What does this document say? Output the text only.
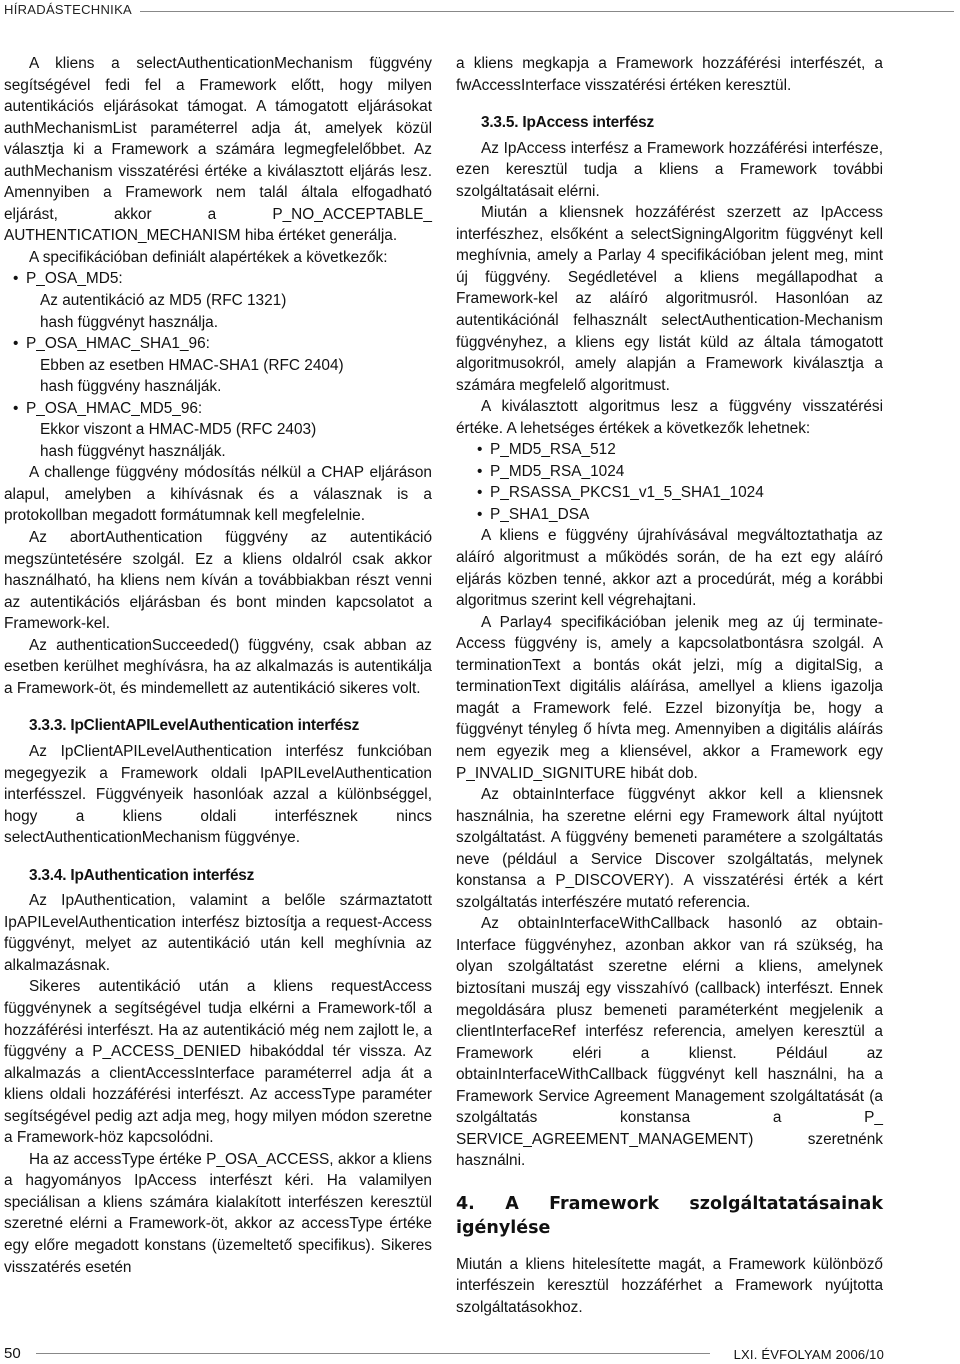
HÍRADÁSTECHNIKA

A kliens a selectAuthenticationMechanism függvény segítségével fedi fel a Framework előtt, hogy milyen autentikációs eljárásokat támogat. A támogatott eljárásokat authMechanismList paraméterrel adja át, amelyek közül választja ki a Framework a számára legmegfelelőbbet. Az authMechanism visszatérési értéke a kiválasztott eljárás lesz. Amennyiben a Framework nem talál általa elfogadható eljárást, akkor a P_NO_ACCEPTABLE_ AUTHENTICATION_MECHANISM hiba értéket generálja.

A specifikációban definiált alapértékek a következők:

• P_OSA_MD5:
Az autentikáció az MD5 (RFC 1321)
hash függvényt használja.
• P_OSA_HMAC_SHA1_96:
Ebben az esetben HMAC-SHA1 (RFC 2404)
hash függvény használják.
• P_OSA_HMAC_MD5_96:
Ekkor viszont a HMAC-MD5 (RFC 2403)
hash függvényt használják.

A challenge függvény módosítás nélkül a CHAP eljáráson alapul, amelyben a kihívásnak és a válasznak is a protokollban megadott formátumnak kell megfelelnie.

Az abortAuthentication függvény az autentikáció megszüntetésére szolgál. Ez a kliens oldalról csak akkor használható, ha kliens nem kíván a továbbiakban részt venni az autentikációs eljárásban és bont minden kapcsolatot a Framework-kel.

Az authenticationSucceeded() függvény, csak abban az esetben kerülhet meghívásra, ha az alkalmazás is autentikálja a Framework-öt, és mindemellett az autentikáció sikeres volt.

3.3.3. IpClientAPILevelAuthentication interfész

Az IpClientAPILevelAuthentication interfész funkcióban megegyezik a Framework oldali IpAPILevelAuthentication interfésszel. Függvényeik hasonlóak azzal a különbséggel, hogy a kliens oldali interfésznek nincs selectAuthenticationMechanism függvénye.

3.3.4. IpAuthentication interfész

Az IpAuthentication, valamint a belőle származtatott IpAPILevelAuthentication interfész biztosítja a request-Access függvényt, melyet az autentikáció után kell meghívnia az alkalmazásnak.

Sikeres autentikáció után a kliens requestAccess függvénynek a segítségével tudja elkérni a Framework-től a hozzáférési interfészt. Ha az autentikáció még nem zajlott le, a függvény a P_ACCESS_DENIED hibakóddal tér vissza. Az alkalmazás a clientAccessInterface paraméterrel adja át a kliens oldali hozzáférési interfészt. Az accessType paraméter segítségével pedig azt adja meg, hogy milyen módon szeretne a Framework-höz kapcsolódni.

Ha az accessType értéke P_OSA_ACCESS, akkor a kliens a hagyományos IpAccess interfészt kéri. Ha valamilyen speciálisan a kliens számára kialakított interfészen keresztül szeretné elérni a Framework-öt, akkor az accessType értéke egy előre megadott konstans (üzemeltető specifikus). Sikeres visszatérés esetén

a kliens megkapja a Framework hozzáférési interfészét, a fwAccessInterface visszatérési értéken keresztül.

3.3.5. IpAccess interfész

Az IpAccess interfész a Framework hozzáférési interfésze, ezen keresztül tudja a kliens a Framework további szolgáltatásait elérni.

Miután a kliensnek hozzáférést szerzett az IpAccess interfészhez, elsőként a selectSigningAlgoritm függvényt kell meghívnia, amely a Parlay 4 specifikációban jelent meg, mint új függvény. Segédletével a kliens megállapodhat a Framework-kel az aláíró algoritmusról. Hasonlóan az autentikációnál felhasznált selectAuthentication-Mechanism függvényhez, a kliens egy listát küld az általa támogatott algoritmusokról, amely alapján a Framework kiválasztja a számára megfelelő algoritmust.

A kiválasztott algoritmus lesz a függvény visszatérési értéke. A lehetséges értékek a következők lehetnek:

• P_MD5_RSA_512
• P_MD5_RSA_1024
• P_RSASSA_PKCS1_v1_5_SHA1_1024
• P_SHA1_DSA

A kliens e függvény újrahívásával megváltoztathatja az aláíró algoritmust a működés során, de ha ezt egy aláíró eljárás közben tenné, akkor azt a procedúrát, még a korábbi algoritmus szerint kell végrehajtani.

A Parlay4 specifikációban jelenik meg az új terminate-Access függvény is, amely a kapcsolatbontásra szolgál. A terminationText a bontás okát jelzi, míg a digitalSig, a terminationText digitális aláírása, amellyel a kliens igazolja magát a Framework felé. Ezzel bizonyítja be, hogy a függvényt tényleg ő hívta meg. Amennyiben a digitális aláírás nem egyezik meg a kliensével, akkor a Framework egy P_INVALID_SIGNITURE hibát dob.

Az obtainInterface függvényt akkor kell a kliensnek használnia, ha szeretne elérni egy Framework által nyújtott szolgáltatást. A függvény bemeneti paramétere a szolgáltatás neve (például a Service Discover szolgáltatás, melynek konstansa a P_DISCOVERY). A visszatérési érték a kért szolgáltatás interfészére mutató referencia.

Az obtainInterfaceWithCallback hasonló az obtain-Interface függvényhez, azonban akkor van rá szükség, ha olyan szolgáltatást szeretne elérni a kliens, amelynek biztosítani muszáj egy visszahívó (callback) interfészt. Ennek megoldására plusz bemeneti paraméterként megjelenik a clientInterfaceRef interfész referencia, amelyen keresztül a Framework eléri a klienst. Például az obtainInterfaceWithCallback függvényt kell használni, ha a Framework Service Agreement Management szolgáltatását (a szolgáltatás konstansa a P_ SERVICE_AGREEMENT_MANAGEMENT) szeretnénk használni.

4. A Framework szolgáltatatásainak igénylése

Miután a kliens hitelesítette magát, a Framework különböző interfészein keresztül hozzáférhet a Framework nyújtotta szolgáltatásokhoz.

50	LXI. ÉVFOLYAM 2006/10
